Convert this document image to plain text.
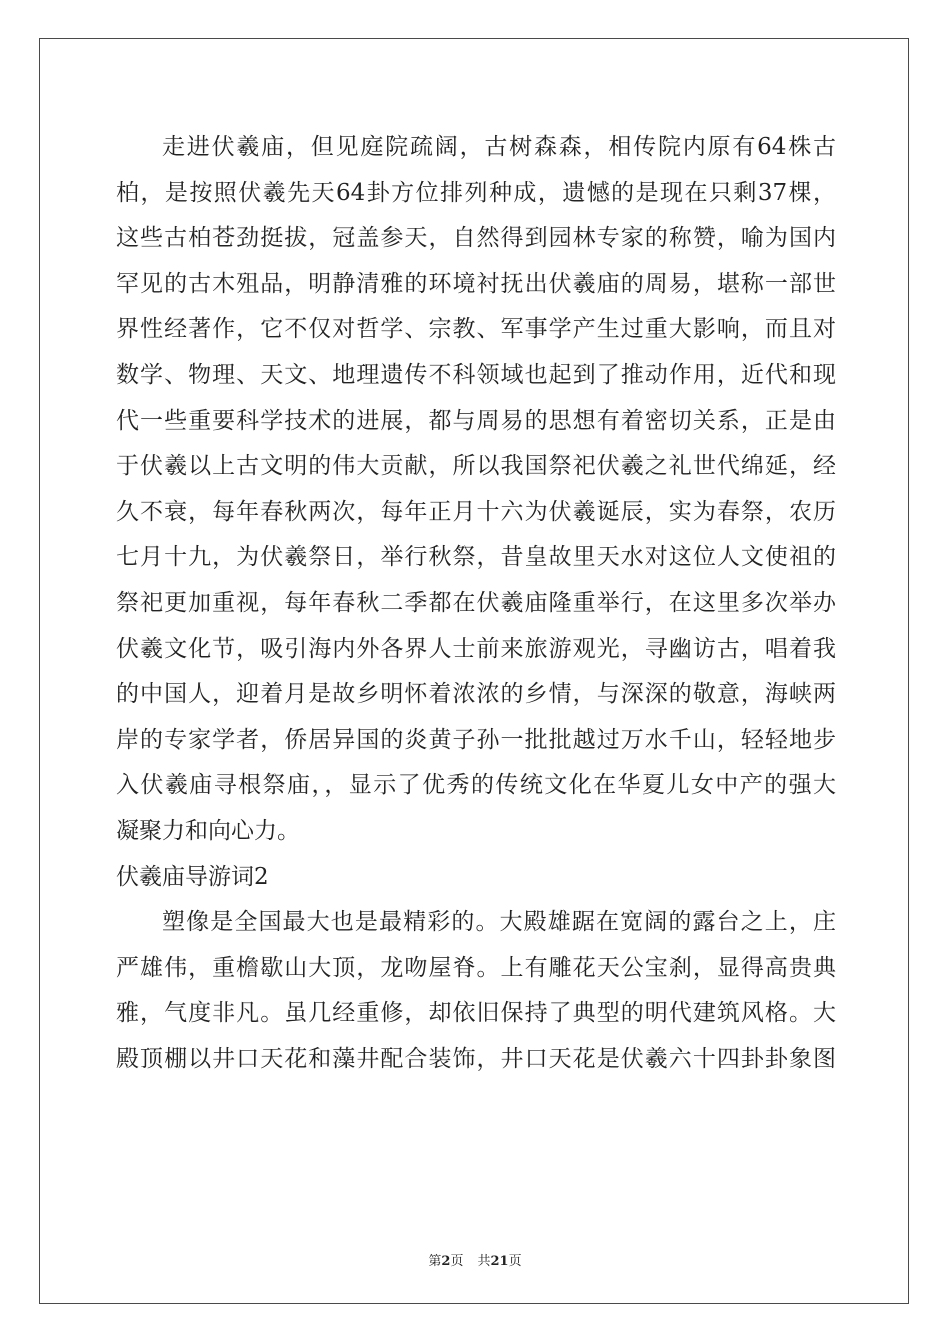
走进伏羲庙，但见庭院疏阔，古树森森，相传院内原有64株古
柏，是按照伏羲先天64卦方位排列种成，遗憾的是现在只剩37棵，
这些古柏苍劲挺拔，冠盖参天，自然得到园林专家的称赞，喻为国内
罕见的古木殂品，明静清雅的环境衬抚出伏羲庙的周易，堪称一部世
界性经著作，它不仅对哲学、宗教、军事学产生过重大影响，而且对
数学、物理、天文、地理遗传不科领域也起到了推动作用，近代和现
代一些重要科学技术的进展，都与周易的思想有着密切关系，正是由
于伏羲以上古文明的伟大贡献，所以我国祭祀伏羲之礼世代绵延，经
久不衰，每年春秋两次，每年正月十六为伏羲诞辰，实为春祭，农历
七月十九，为伏羲祭日，举行秋祭，昔皇故里天水对这位人文使祖的
祭祀更加重视，每年春秋二季都在伏羲庙隆重举行，在这里多次举办
伏羲文化节，吸引海内外各界人士前来旅游观光，寻幽访古，唱着我
的中国人，迎着月是故乡明怀着浓浓的乡情，与深深的敬意，海峡两
岸的专家学者，侨居异国的炎黄子孙一批批越过万水千山，轻轻地步
入伏羲庙寻根祭庙，，显示了优秀的传统文化在华夏儿女中产的强大
凝聚力和向心力。
伏羲庙导游词2
塑像是全国最大也是最精彩的。大殿雄踞在宽阔的露台之上，庄
严雄伟，重檐歇山大顶，龙吻屋脊。上有雕花天公宝刹，显得高贵典
雅，气度非凡。虽几经重修，却依旧保持了典型的明代建筑风格。大
殿顶棚以井口天花和藻井配合装饰，井口天花是伏羲六十四卦卦象图
第2页 共21页
